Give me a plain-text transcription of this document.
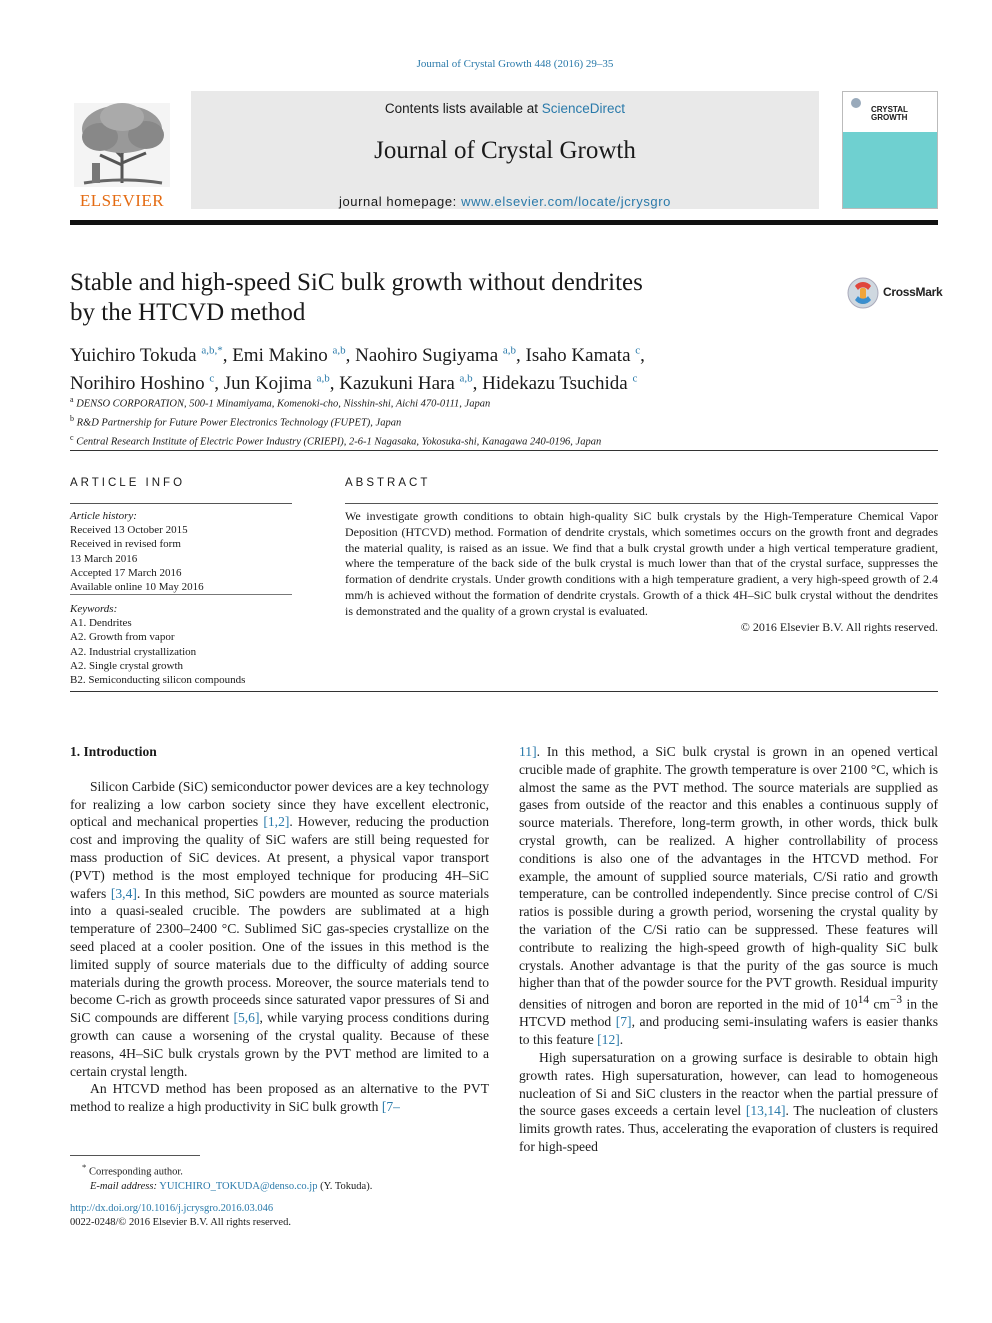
Journal of Crystal Growth 448 (2016) 29–35
ELSEVIER
Contents lists available at ScienceDirect
Journal of Crystal Growth
journal homepage: www.elsevier.com/locate/jcrysgro
CRYSTAL
GROWTH
Stable and high-speed SiC bulk growth without dendrites
by the HTCVD method
CrossMark
Yuichiro Tokuda $^{a,b,*}$, Emi Makino $^{a,b}$, Naohiro Sugiyama $^{a,b}$, Isaho Kamata $^c$,
Norihiro Hoshino $^c$, Jun Kojima $^{a,b}$, Kazukuni Hara $^{a,b}$, Hidekazu Tsuchida $^c$
$^a$ DENSO CORPORATION, 500-1 Minamiyama, Komenoki-cho, Nisshin-shi, Aichi 470-0111, Japan
$^b$ R&D Partnership for Future Power Electronics Technology (FUPET), Japan
$^c$ Central Research Institute of Electric Power Industry (CRIEPI), 2-6-1 Nagasaka, Yokosuka-shi, Kanagawa 240-0196, Japan
ARTICLE INFO	ABSTRACT
Article history:
Received 13 October 2015
Received in revised form
13 March 2016
Accepted 17 March 2016
Available online 10 May 2016
Keywords:
A1. Dendrites
A2. Growth from vapor
A2. Industrial crystallization
A2. Single crystal growth
B2. Semiconducting silicon compounds
We investigate growth conditions to obtain high-quality SiC bulk crystals by the High-Temperature Chemical Vapor Deposition (HTCVD) method. Formation of dendrite crystals, which sometimes occurs on the growth front and degrades the material quality, is raised as an issue. We find that a bulk crystal growth under a high vertical temperature gradient, where the temperature of the back side of the bulk crystal is much lower than that of the crystal surface, suppresses the formation of dendrite crystals. Under growth conditions with a high temperature gradient, a very high-speed growth of 2.4 mm/h is achieved without the formation of dendrite crystals. Growth of a thick 4H–SiC bulk crystal without the dendrites is demonstrated and the quality of a grown crystal is evaluated.
© 2016 Elsevier B.V. All rights reserved.
1. Introduction

Silicon Carbide (SiC) semiconductor power devices are a key technology for realizing a low carbon society since they have excellent electronic, optical and mechanical properties [1,2]. However, reducing the production cost and improving the quality of SiC wafers are still being requested for mass production of SiC devices. At present, a physical vapor transport (PVT) method is the most employed technique for producing 4H–SiC wafers [3,4]. In this method, SiC powders are mounted as source materials into a quasi-sealed crucible. The powders are sublimated at a high temperature of 2300–2400 °C. Sublimed SiC gas-species crystallize on the seed placed at a cooler position. One of the issues in this method is the limited supply of source materials due to the difficulty of adding source materials during the growth process. Moreover, the source materials tend to become C-rich as growth proceeds since saturated vapor pressures of Si and SiC compounds are different [5,6], while varying process conditions during growth can cause a worsening of the crystal quality. Because of these reasons, 4H–SiC bulk crystals grown by the PVT method are limited to a certain crystal length.

An HTCVD method has been proposed as an alternative to the PVT method to realize a high productivity in SiC bulk growth [7–

11]. In this method, a SiC bulk crystal is grown in an opened vertical crucible made of graphite. The growth temperature is over 2100 °C, which is almost the same as the PVT method. The source materials are supplied as gases from outside of the reactor and this enables a continuous supply of source materials. Therefore, long-term growth, in other words, thick bulk crystal growth, can be realized. A higher controllability of process conditions is also one of the advantages in the HTCVD method. For example, the amount of supplied source materials, C/Si ratio and growth temperature, can be controlled independently. Since precise control of C/Si ratios is possible during a growth period, worsening the crystal quality by the variation of the C/Si ratio can be suppressed. These features will contribute to realizing the high-speed growth of high-quality SiC bulk crystals. Another advantage is that the purity of the gas source is much higher than that of the powder source for the PVT growth. Residual impurity densities of nitrogen and boron are reported in the mid of $10^{14}$ $cm^{-3}$ in the HTCVD method [7], and producing semi-insulating wafers is easier thanks to this feature [12].

High supersaturation on a growing surface is desirable to obtain high growth rates. High supersaturation, however, can lead to homogeneous nucleation of Si and SiC clusters in the reactor when the partial pressure of the source gases exceeds a certain level [13,14]. The nucleation of clusters limits growth rates. Thus, accelerating the evaporation of clusters is required for high-speed

* Corresponding author.
E-mail address: YUICHIRO_TOKUDA@denso.co.jp (Y. Tokuda).
http://dx.doi.org/10.1016/j.jcrysgro.2016.03.046
0022-0248/© 2016 Elsevier B.V. All rights reserved.
